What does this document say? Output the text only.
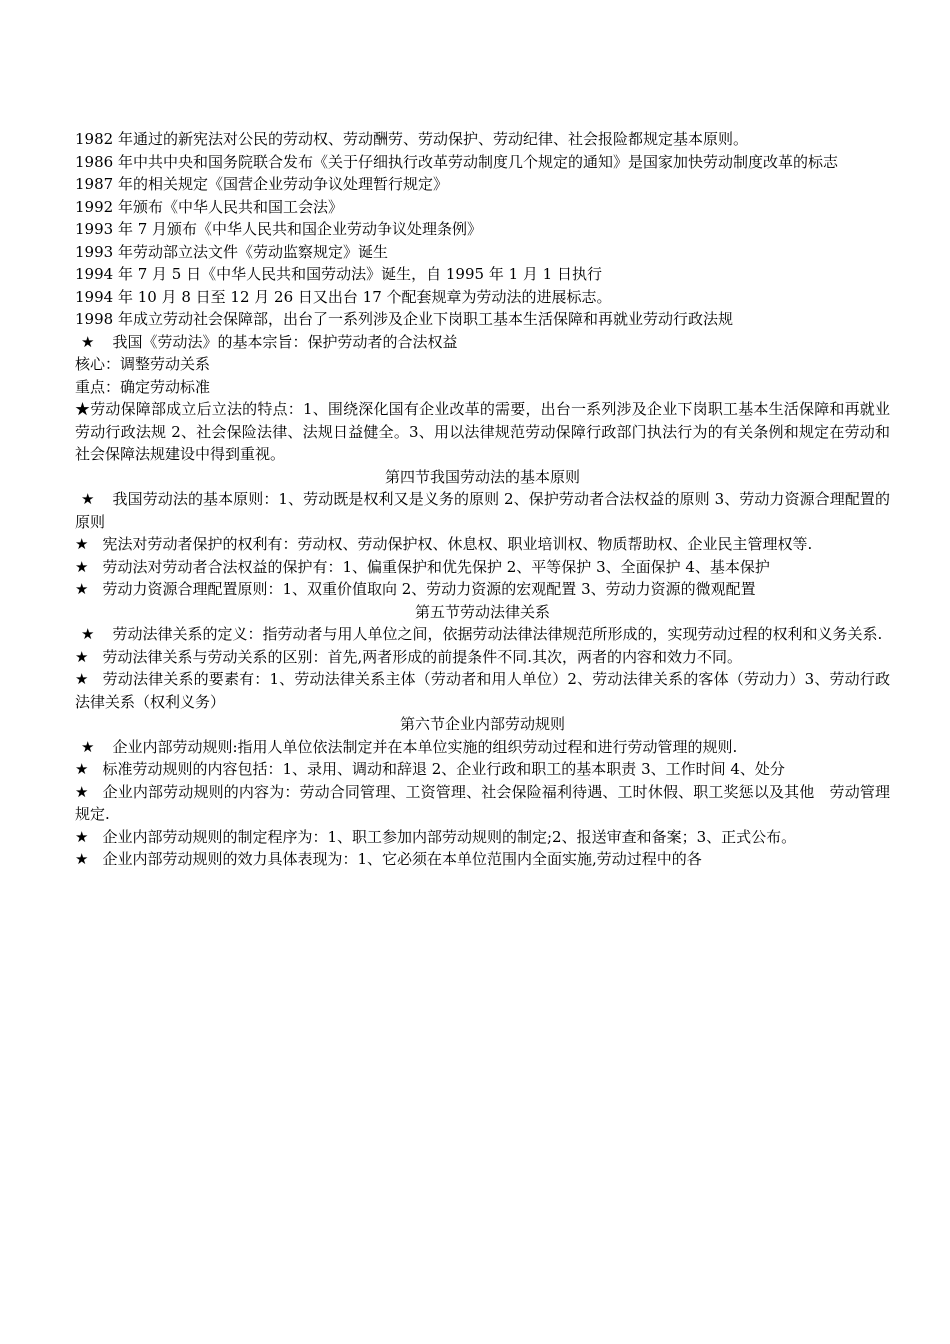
1982 年通过的新宪法对公民的劳动权、劳动酬劳、劳动保护、劳动纪律、社会报险都规定基本原则。

1986 年中共中央和国务院联合发布《关于仔细执行改革劳动制度几个规定的通知》是国家加快劳动制度改革的标志

1987 年的相关规定《国营企业劳动争议处理暂行规定》

1992 年颁布《中华人民共和国工会法》

1993 年 7 月颁布《中华人民共和国企业劳动争议处理条例》

1993 年劳动部立法文件《劳动监察规定》诞生

1994 年 7 月 5 日《中华人民共和国劳动法》诞生，自 1995 年 1 月 1 日执行

1994 年 10 月 8 日至 12 月 26 日又出台 17 个配套规章为劳动法的进展标志。

1998 年成立劳动社会保障部，出台了一系列涉及企业下岗职工基本生活保障和再就业劳动行政法规

★ 我国《劳动法》的基本宗旨：保护劳动者的合法权益

核心：调整劳动关系

重点：确定劳动标准

★劳动保障部成立后立法的特点：1、围绕深化国有企业改革的需要，出台一系列涉及企业下岗职工基本生活保障和再就业劳动行政法规 2、社会保险法律、法规日益健全。3、用以法律规范劳动保障行政部门执法行为的有关条例和规定在劳动和社会保障法规建设中得到重视。

第四节我国劳动法的基本原则

★ 我国劳动法的基本原则：1、劳动既是权利又是义务的原则 2、保护劳动者合法权益的原则 3、劳动力资源合理配置的原则

★ 宪法对劳动者保护的权利有：劳动权、劳动保护权、休息权、职业培训权、物质帮助权、企业民主管理权等.

★ 劳动法对劳动者合法权益的保护有：1、偏重保护和优先保护 2、平等保护 3、全面保护 4、基本保护

★ 劳动力资源合理配置原则：1、双重价值取向 2、劳动力资源的宏观配置 3、劳动力资源的微观配置

第五节劳动法律关系

★ 劳动法律关系的定义：指劳动者与用人单位之间，依据劳动法律法律规范所形成的，实现劳动过程的权利和义务关系.

★ 劳动法律关系与劳动关系的区别：首先,两者形成的前提条件不同.其次，两者的内容和效力不同。

★ 劳动法律关系的要素有：1、劳动法律关系主体（劳动者和用人单位）2、劳动法律关系的客体（劳动力）3、劳动行政法律关系（权利义务）

第六节企业内部劳动规则

★ 企业内部劳动规则:指用人单位依法制定并在本单位实施的组织劳动过程和进行劳动管理的规则.

★ 标准劳动规则的内容包括：1、录用、调动和辞退 2、企业行政和职工的基本职责 3、工作时间 4、处分

★ 企业内部劳动规则的内容为：劳动合同管理、工资管理、社会保险福利待遇、工时休假、职工奖惩以及其他　劳动管理规定.

★ 企业内部劳动规则的制定程序为：1、职工参加内部劳动规则的制定;2、报送审查和备案；3、正式公布。

★ 企业内部劳动规则的效力具体表现为：1、它必须在本单位范围内全面实施,劳动过程中的各
